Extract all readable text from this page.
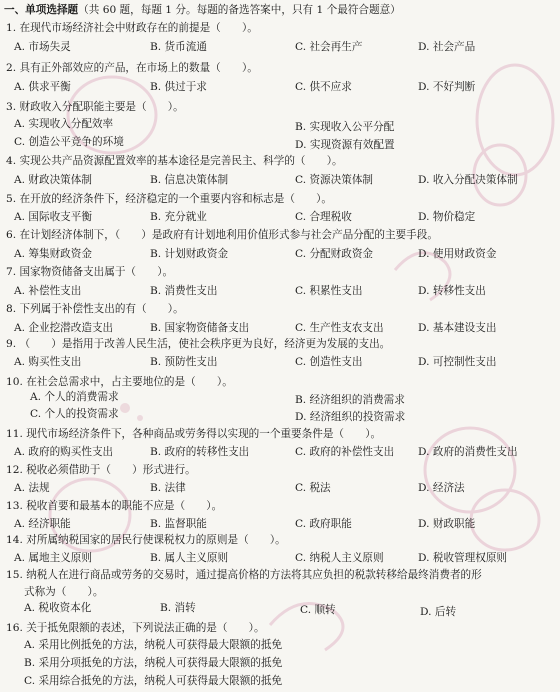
一、单项选择题（共 60 题，每题 1 分。每题的备选答案中，只有 1 个最符合题意）
1. 在现代市场经济社会中财政存在的前提是（　　）。
A. 市场失灵	B. 货币流通	C. 社会再生产	D. 社会产品
2. 具有正外部效应的产品，在市场上的数量（　　）。
A. 供求平衡	B. 供过于求	C. 供不应求	D. 不好判断
3. 财政收入分配职能主要是（　　）。
A. 实现收入分配效率	B. 实现收入公平分配
C. 创造公平竞争的环境	D. 实现资源有效配置
4. 实现公共产品资源配置效率的基本途径是完善民主、科学的（　　）。
A. 财政决策体制	B. 信息决策体制	C. 资源决策体制	D. 收入分配决策体制
5. 在开放的经济条件下，经济稳定的一个重要内容和标志是（　　）。
A. 国际收支平衡	B. 充分就业	C. 合理税收	D. 物价稳定
6. 在计划经济体制下，（　　）是政府有计划地利用价值形式参与社会产品分配的主要手段。
A. 筹集财政资金	B. 计划财政资金	C. 分配财政资金	D. 使用财政资金
7. 国家物资储备支出属于（　　）。
A. 补偿性支出	B. 消费性支出	C. 积累性支出	D. 转移性支出
8. 下列属于补偿性支出的有（　　）。
A. 企业挖潜改造支出	B. 国家物资储备支出	C. 生产性支农支出	D. 基本建设支出
9. （　　）是指用于改善人民生活，使社会秩序更为良好，经济更为发展的支出。
A. 购买性支出	B. 预防性支出	C. 创造性支出	D. 可控制性支出
10. 在社会总需求中，占主要地位的是（　　）。
A. 个人的消费需求	B. 经济组织的消费需求
C. 个人的投资需求	D. 经济组织的投资需求
11. 现代市场经济条件下，各种商品或劳务得以实现的一个重要条件是（　　）。
A. 政府的购买性支出	B. 政府的转移性支出	C. 政府的补偿性支出 D. 政府的消费性支出
12. 税收必须借助于（　　）形式进行。
A. 法规	B. 法律	C. 税法	D. 经济法
13. 税收首要和最基本的职能不应是（　　）。
A. 经济职能	B. 监督职能	C. 政府职能	D. 财政职能
14. 对所属纳税国家的居民行使课税权力的原则是（　　）。
A. 属地主义原则	B. 属人主义原则	C. 纳税人主义原则	D. 税收管理权原则
15. 纳税人在进行商品或劳务的交易时，通过提高价格的方法将其应负担的税款转移给最终消费者的形
式称为（　　）。
A. 税收资本化	B. 消转	C. 顺转	D. 后转
16. 关于抵免限额的表述，下列说法正确的是（　　）。
A. 采用比例抵免的方法，纳税人可获得最大限额的抵免
B. 采用分项抵免的方法，纳税人可获得最大限额的抵免
C. 采用综合抵免的方法，纳税人可获得最大限额的抵免
